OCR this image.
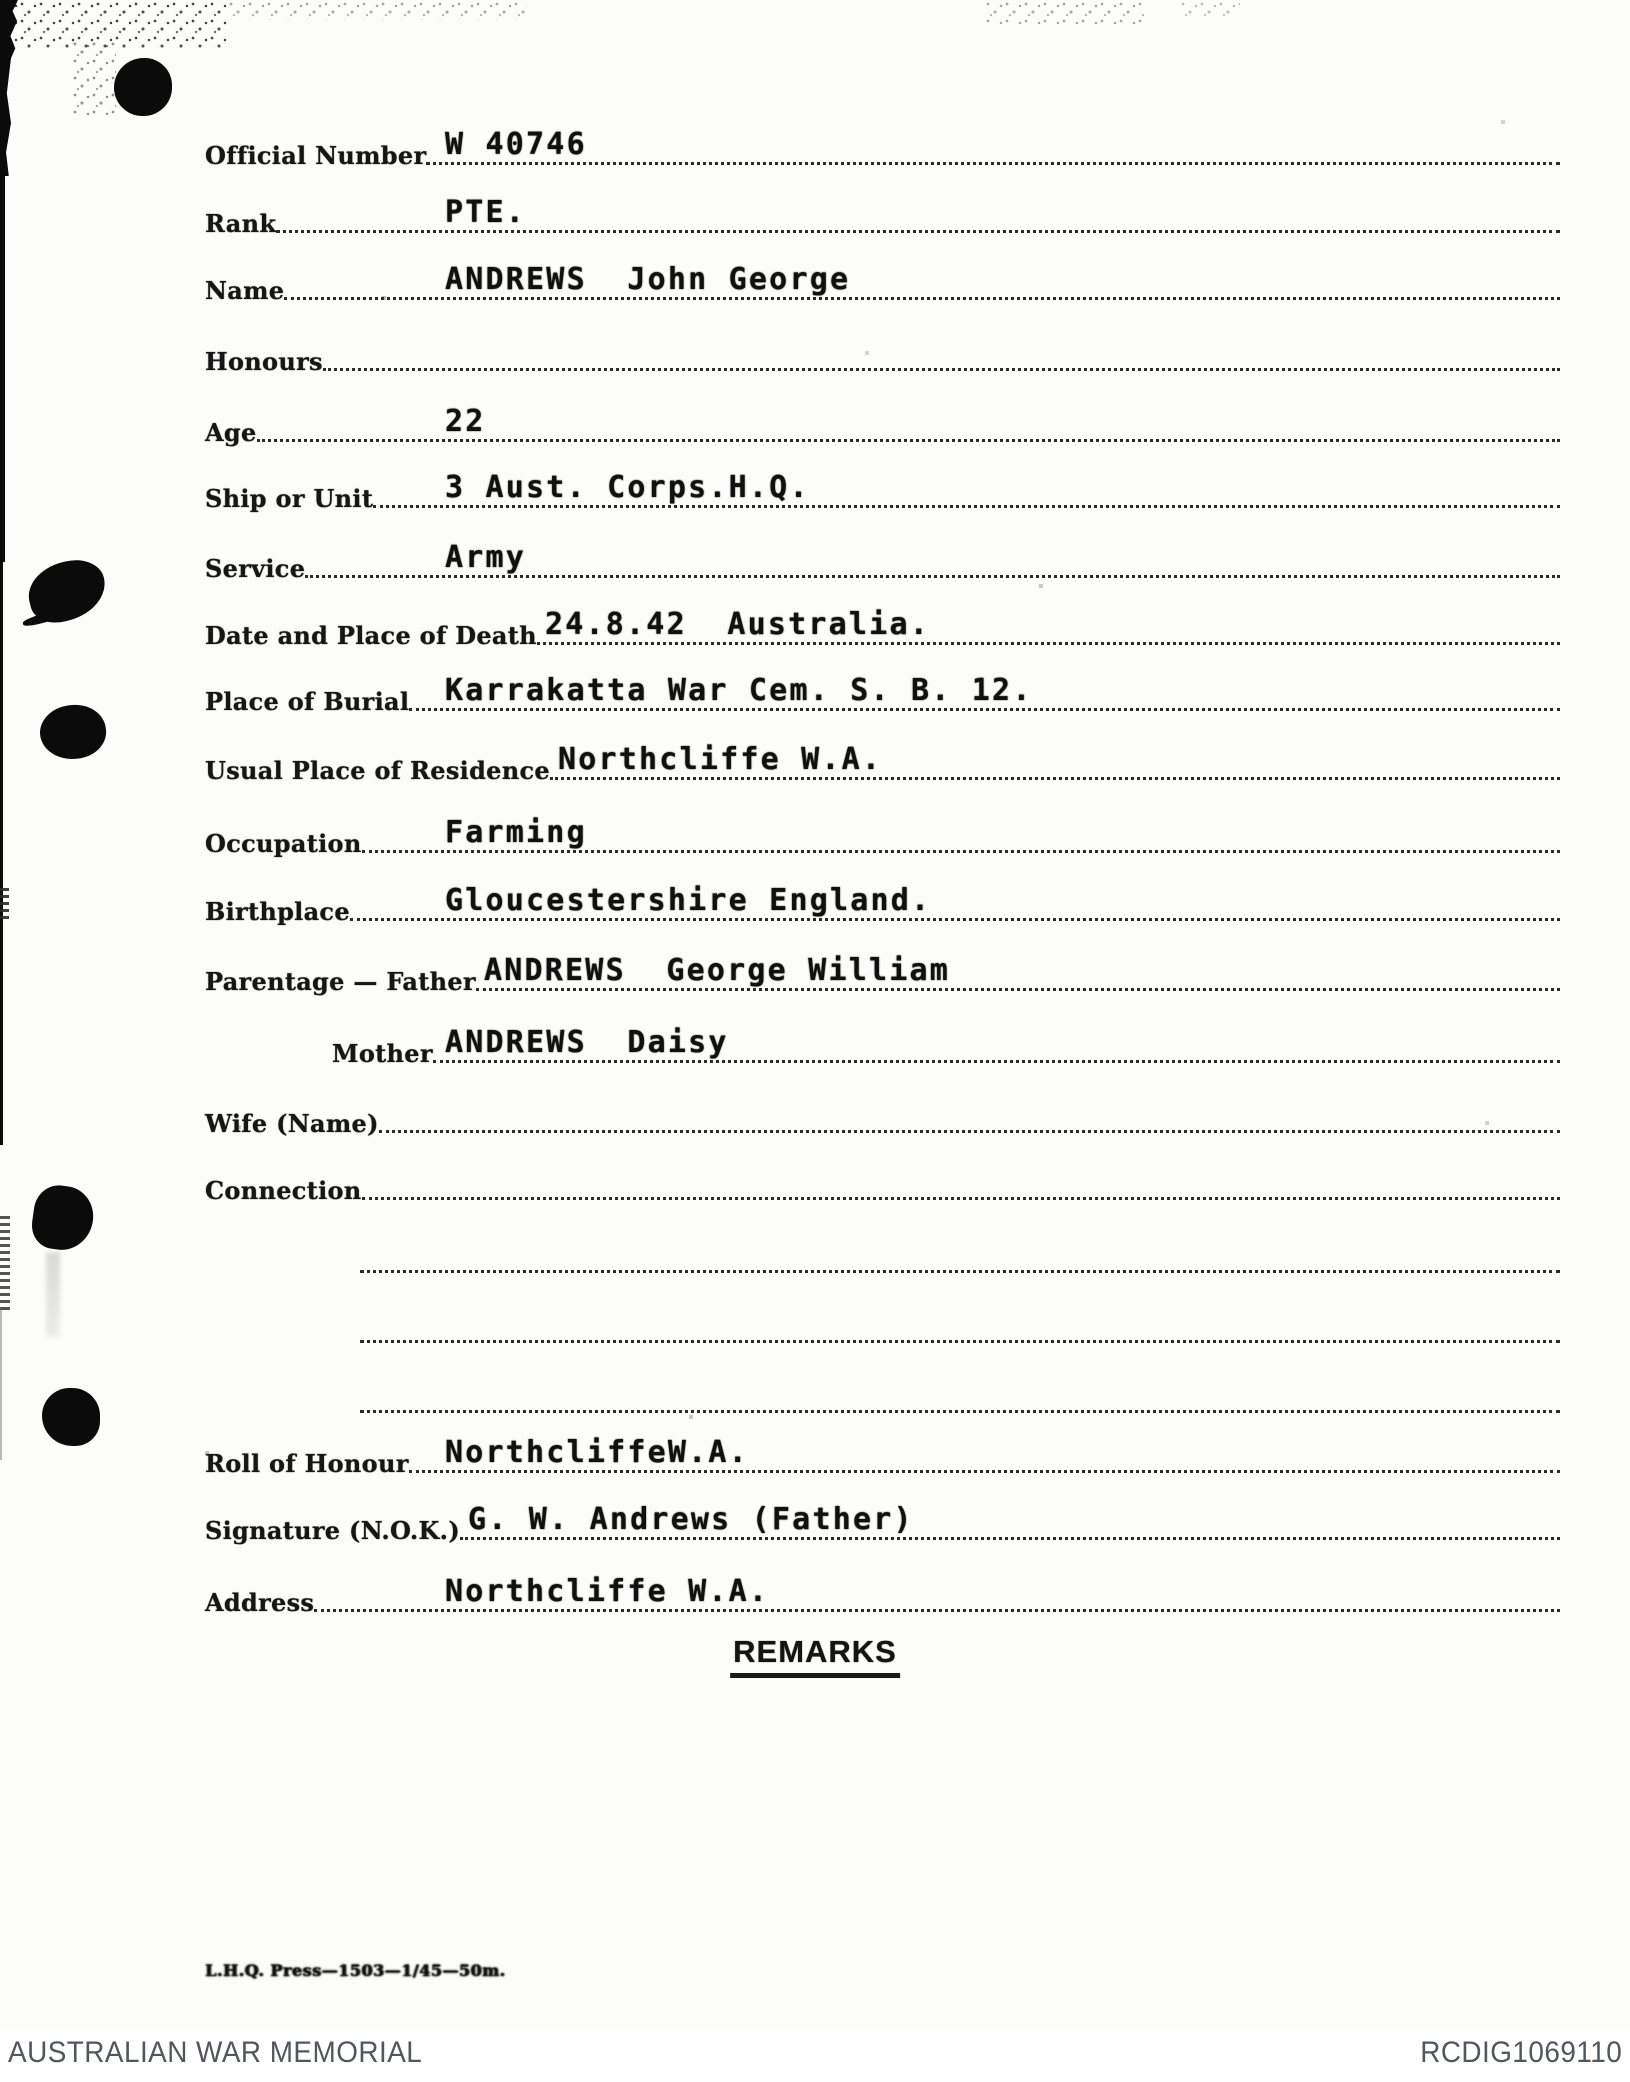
Official Number W 40746
Rank	PTE.
Name	ANDREWS  John George
Honours
Age	22
Ship or Unit 3 Aust. Corps.H.Q.
Service	Army
Date and Place of Death 24.8.42  Australia.
Place of Burial Karrakatta War Cem. S. B. 12.
Usual Place of Residence Northcliffe W.A.
Occupation	Farming
Birthplace	Gloucestershire England.
Parentage — Father ANDREWS  George William
Mother ANDREWS  Daisy
Wife (Name)
Connection
Roll of Honour NorthcliffeW.A.
Signature (N.O.K.) G. W. Andrews (Father)
Address	Northcliffe W.A.
REMARKS
L.H.Q. Press—1503—1/45—50m.
AUSTRALIAN WAR MEMORIAL	RCDIG1069110
